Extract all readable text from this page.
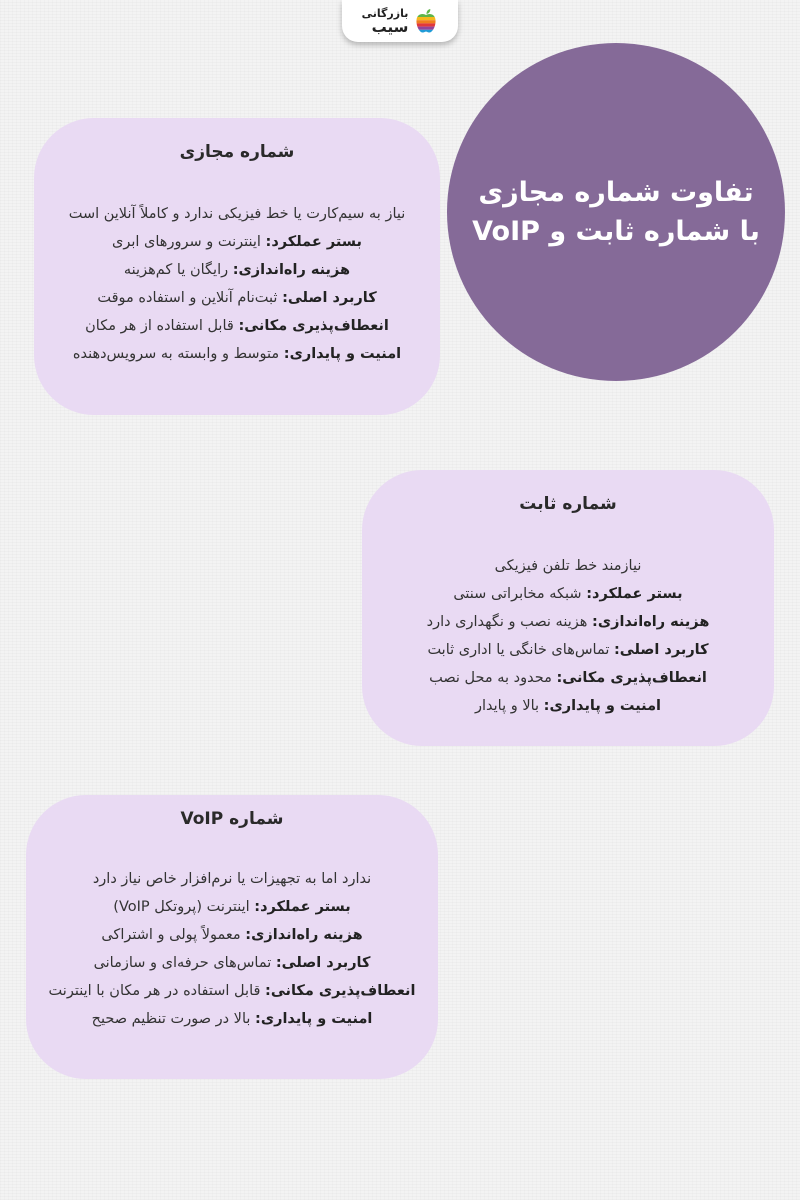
بازرگانی
سیب
تفاوت شماره مجازی
با شماره ثابت و VoIP
شماره مجازی

نیاز به سیم‌کارت یا خط فیزیکی ندارد و کاملاً آنلاین است

بستر عملکرد: اینترنت و سرورهای ابری

هزینه راه‌اندازی: رایگان یا کم‌هزینه

کاربرد اصلی: ثبت‌نام آنلاین و استفاده موقت

انعطاف‌پذیری مکانی: قابل استفاده از هر مکان

امنیت و پایداری: متوسط و وابسته به سرویس‌دهنده

شماره ثابت

نیازمند خط تلفن فیزیکی

بستر عملکرد: شبکه مخابراتی سنتی

هزینه راه‌اندازی: هزینه نصب و نگهداری دارد

کاربرد اصلی: تماس‌های خانگی یا اداری ثابت

انعطاف‌پذیری مکانی: محدود به محل نصب

امنیت و پایداری: بالا و پایدار

شماره VoIP

ندارد اما به تجهیزات یا نرم‌افزار خاص نیاز دارد

بستر عملکرد: اینترنت (پروتکل VoIP)

هزینه راه‌اندازی: معمولاً پولی و اشتراکی

کاربرد اصلی: تماس‌های حرفه‌ای و سازمانی

انعطاف‌پذیری مکانی: قابل استفاده در هر مکان با اینترنت

امنیت و پایداری: بالا در صورت تنظیم صحیح
